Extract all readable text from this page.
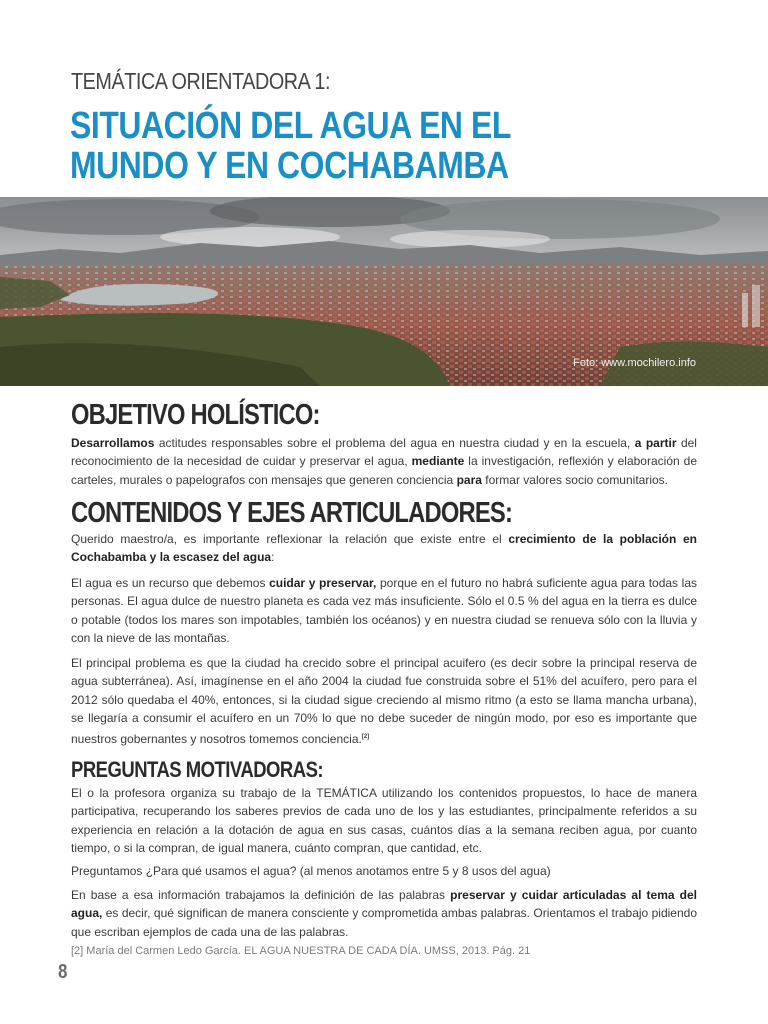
TEMÁTICA ORIENTADORA 1:
SITUACIÓN DEL AGUA EN EL
MUNDO Y EN COCHABAMBA
Foto: www.mochilero.info
OBJETIVO HOLÍSTICO:
Desarrollamos actitudes responsables sobre el problema del agua en nuestra ciudad y en la escuela, a partir del reconocimiento de la necesidad de cuidar y preservar el agua, mediante la investigación, reflexión y elaboración de carteles, murales o papelografos con mensajes que generen conciencia para formar valores socio comunitarios.
CONTENIDOS Y EJES ARTICULADORES:
Querido maestro/a, es importante reflexionar la relación que existe entre el crecimiento de la población en Cochabamba y la escasez del agua:
El agua es un recurso que debemos cuidar y preservar, porque en el futuro no habrá suficiente agua para todas las personas. El agua dulce de nuestro planeta es cada vez más insuficiente. Sólo el 0.5 % del agua en la tierra es dulce o potable (todos los mares son impotables, también los océanos) y en nuestra ciudad se renueva sólo con la lluvia y con la nieve de las montañas.
El principal problema es que la ciudad ha crecido sobre el principal acuifero (es decir sobre la principal reserva de agua subterránea). Así, imagínense en el año 2004 la ciudad fue construida sobre el 51% del acuífero, pero para el 2012 sólo quedaba el 40%, entonces, si la ciudad sigue creciendo al mismo ritmo (a esto se llama mancha urbana), se llegaría a consumir el acuífero en un 70% lo que no debe suceder de ningún modo, por eso es importante que nuestros gobernantes y nosotros tomemos conciencia.[2]
PREGUNTAS MOTIVADORAS:
El o la profesora organiza su trabajo de la TEMÁTICA utilizando los contenidos propuestos, lo hace de manera participativa, recuperando los saberes previos de cada uno de los y las estudiantes, principalmente referidos a su experiencia en relación a la dotación de agua en sus casas, cuántos días a la semana reciben agua, por cuanto tiempo, o si la compran, de igual manera, cuánto compran, que cantidad, etc.
Preguntamos ¿Para qué usamos el agua? (al menos anotamos entre 5 y 8 usos del agua)
En base a esa información trabajamos la definición de las palabras preservar y cuidar articuladas al tema del agua, es decir, qué significan de manera consciente y comprometida ambas palabras. Orientamos el trabajo pidiendo que escriban ejemplos de cada una de las palabras.
[2] María del Carmen Ledo García. EL AGUA NUESTRA DE CADA DÍA. UMSS, 2013. Pág. 21
8
